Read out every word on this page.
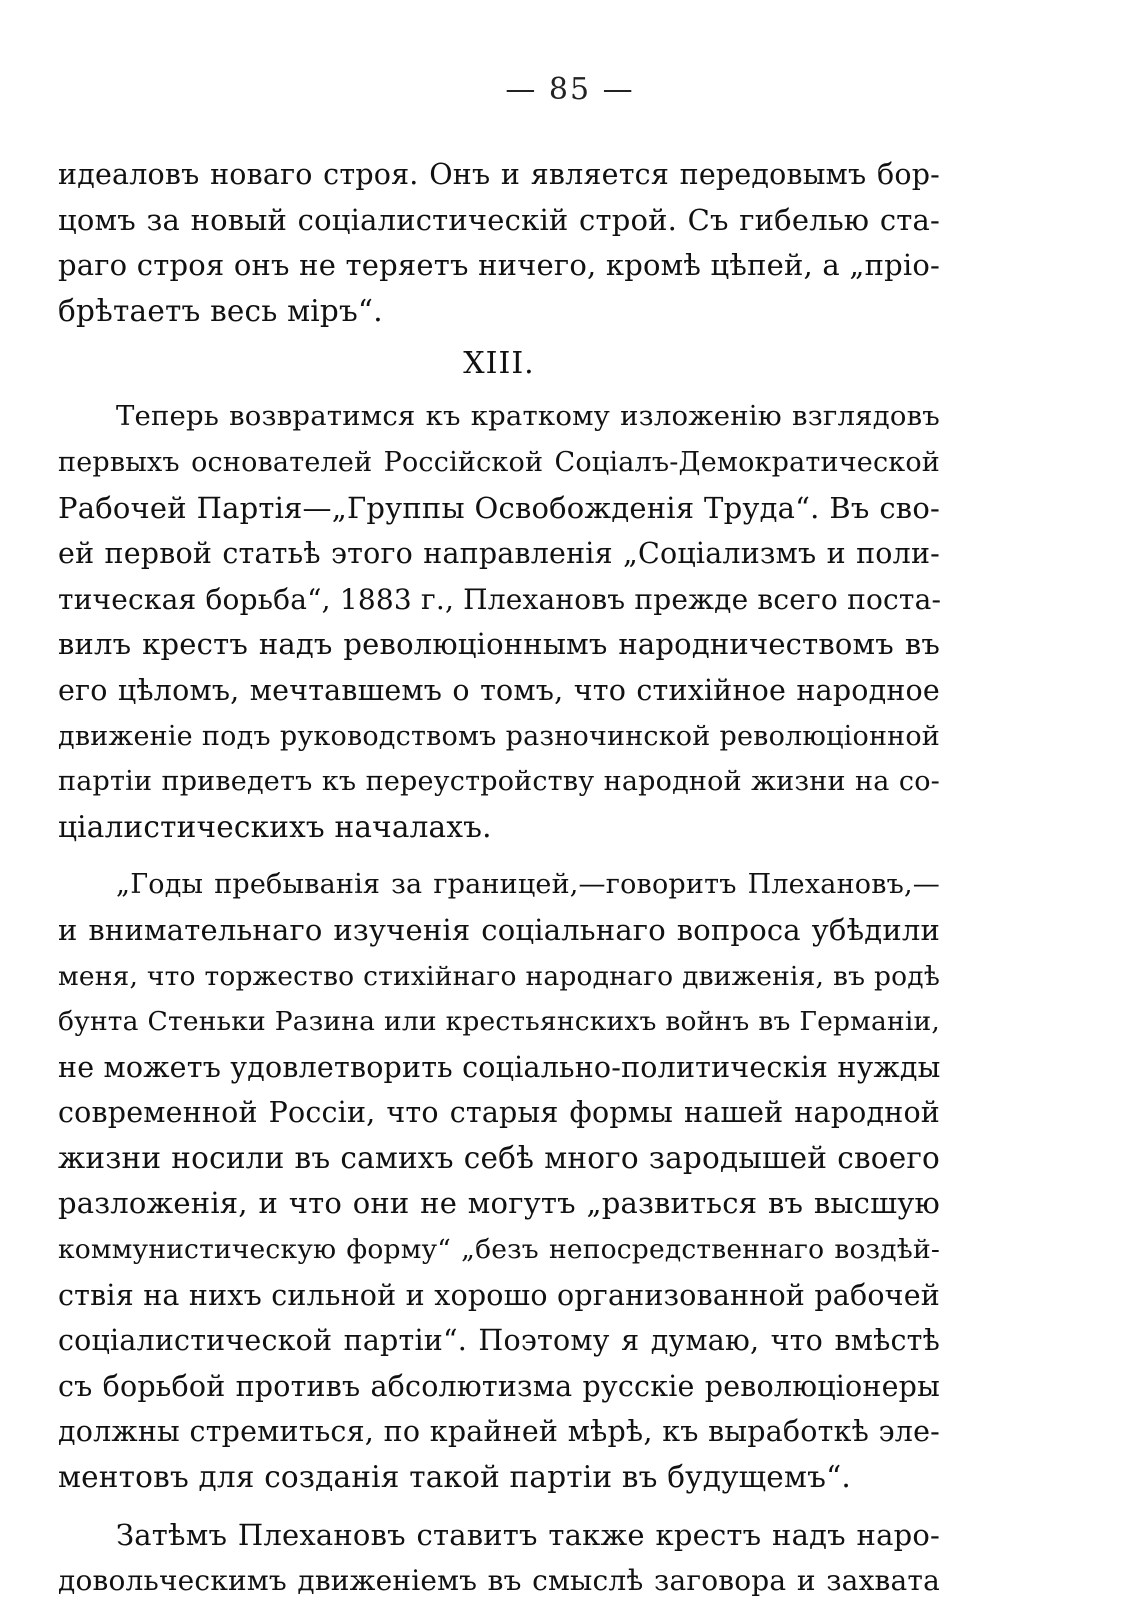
— 85 —
идеаловъ новаго строя. Онъ и является передовымъ бор-
цомъ за новый соціалистическій строй. Съ гибелью ста-
раго строя онъ не теряетъ ничего, кромѣ цѣпей, а „пріо-
брѣтаетъ весь міръ“.
XIII.
Теперь возвратимся къ краткому изложенію взглядовъ
первыхъ основателей Россійской Соціалъ-Демократической
Рабочей Партія—„Группы Освобожденія Труда“. Въ сво-
ей первой статьѣ этого направленія „Соціализмъ и поли-
тическая борьба“, 1883 г., Плехановъ прежде всего поста-
вилъ крестъ надъ революціоннымъ народничествомъ въ
его цѣломъ, мечтавшемъ о томъ, что стихійное народное
движеніе подъ руководствомъ разночинской революціонной
партіи приведетъ къ переустройству народной жизни на со-
ціалистическихъ началахъ.
„Годы пребыванія за границей,—говоритъ Плехановъ,—
и внимательнаго изученія соціальнаго вопроса убѣдили
меня, что торжество стихійнаго народнаго движенія, въ родѣ
бунта Стеньки Разина или крестьянскихъ войнъ въ Германіи,
не можетъ удовлетворить соціально-политическія нужды
современной Россіи, что старыя формы нашей народной
жизни носили въ самихъ себѣ много зародышей своего
разложенія, и что они не могутъ „развиться въ высшую
коммунистическую форму“ „безъ непосредственнаго воздѣй-
ствія на нихъ сильной и хорошо организованной рабочей
соціалистической партіи“. Поэтому я думаю, что вмѣстѣ
съ борьбой противъ абсолютизма русскіе революціонеры
должны стремиться, по крайней мѣрѣ, къ выработкѣ эле-
ментовъ для созданія такой партіи въ будущемъ“.
Затѣмъ Плехановъ ставитъ также крестъ надъ наро-
довольческимъ движеніемъ въ смыслѣ заговора и захвата
